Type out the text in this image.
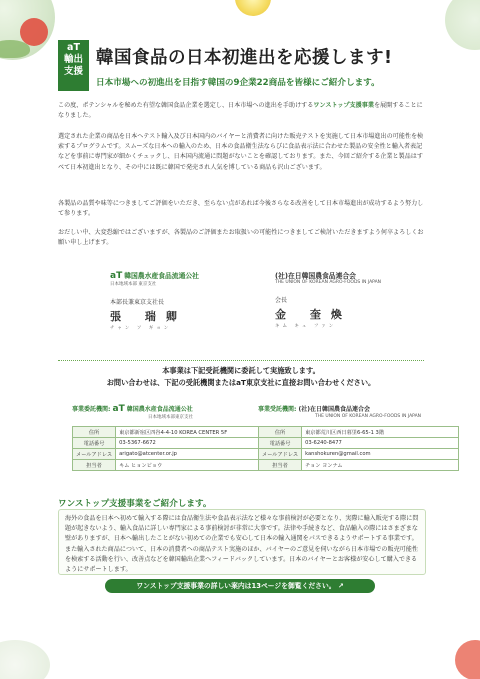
aT
輸出
支援
韓国食品の日本初進出を応援します!
日本市場への初進出を目指す韓国の9企業22商品を皆様にご紹介します。

この度、ポテンシャルを秘めた有望な韓国食品企業を選定し、日本市場への進出を手助けするワンストップ支援事業を展開することになりました。

選定された企業の商品を日本へテスト輸入及び日本国内のバイヤーと消費者に向けた販売テストを実施して日本市場進出の可能性を検索するプログラムです。スムーズな日本への輸入のため、日本の食品衛生法ならびに食品表示法に合わせた製品の安全性と輸入者表記などを事前に専門家が細かくチェックし、日本国内流通に問題がないことを確認しております。また、今回ご紹介する企業と製品はすべて日本初進出となり、その中には既に韓国で発売され人気を博している商品も沢山ございます。

各製品の品質や味等につきましてご評価をいただき、至らない点があれば今後さらなる改善をして日本市場進出が成功するよう努力して参ります。

おだしい中、大変恐縮ではございますが、各製品のご評価またお取扱いの可能性につきましてご検討いただきますよう何卒よろしくお願い申し上げます。

aT 韓国農水産食品流通公社
日本地域本部 東京支社
本部長兼東京支社長
張 瑞卿
チャン ソ ギョン
(社)在日韓国農食品連合会
THE UNION OF KOREAN AGRO-FOODS IN JAPAN
会長
金 奎煥
キム キュ ファン
本事業は下記受託機関に委託して実施致します。
お問い合わせは、下記の受託機関またはaT東京支社に直接お問い合わせください。
事業委託機関: aT 韓国農水産食品流通公社
日本地域本部東京支社
住所	東京都新宿区四谷4-4-10 KOREA CENTER 5F
電話番号	03-5367-6672
メールアドレス	arigato@atcenter.or.jp
担当者	キム ヒョンビョウ
事業受託機関: (社)在日韓国農食品連合会
THE UNION OF KOREAN AGRO-FOODS IN JAPAN
住所	東京都荒川区西日暮里6-65-1 3階
電話番号	03-6240-8477
メールアドレス	kanshokuren@gmail.com
担当者	チョン ヨンナム
ワンストップ支援事業をご紹介します。

海外の食品を日本へ初めて輸入する際には食品衛生法や食品表示法など様々な事前検討が必要となり、実際に輸入販売する際に問題が起きないよう、輸入食品に詳しい専門家による事前検討が非常に大事です。法律や手続きなど、食品輸入の際にはさまざまな壁がありますが、日本へ輸出したことがない初めての企業でも安心して日本の輸入通関をパスできるようサポートする事業です。また輸入された商品について、日本の消費者への商品テスト実施のほか、バイヤーのご意見を伺いながら日本市場での販売可能性を検索する活動を行い、改善点などを韓国輸出企業へフィードバックしています。日本のバイヤーとお客様が安心して購入できるようにサポートします。

ワンストップ支援事業の詳しい案内は13ページを御覧ください。 ↗
